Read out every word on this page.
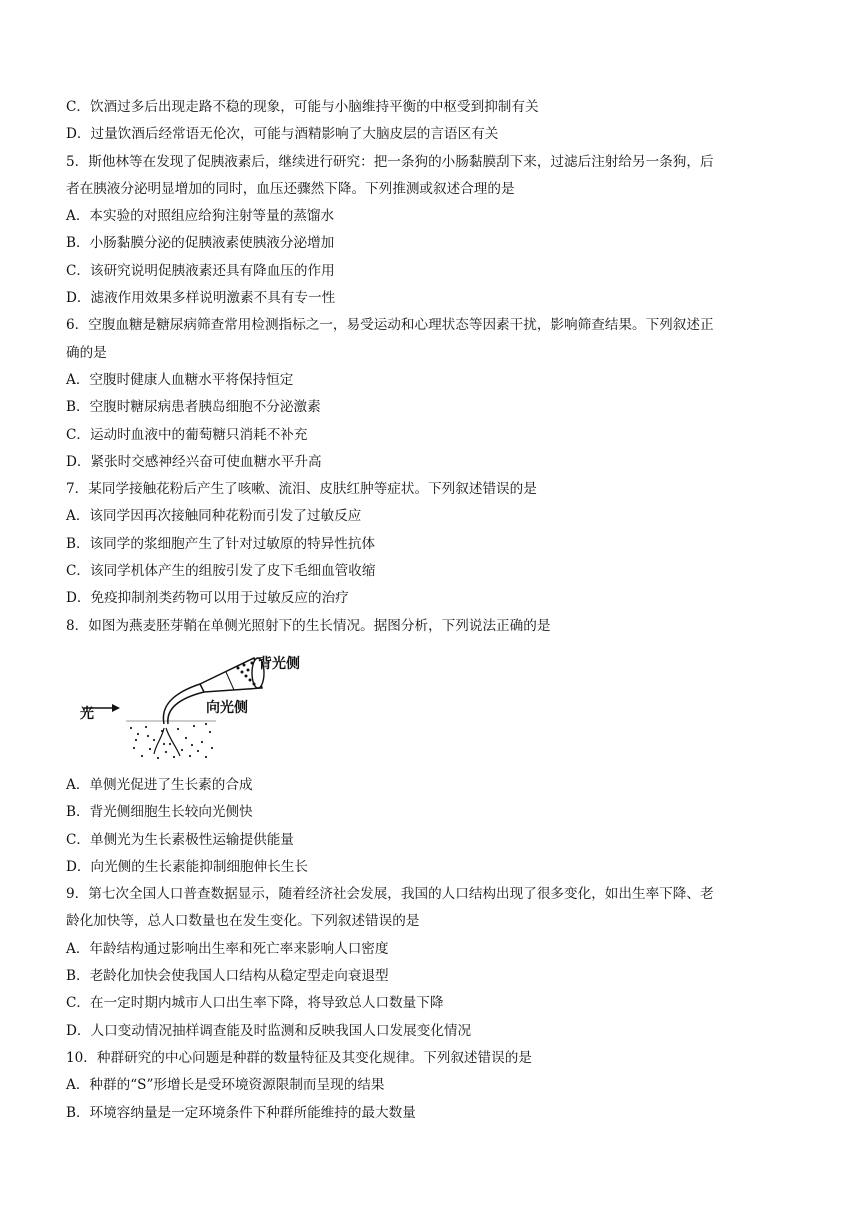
C．饮酒过多后出现走路不稳的现象，可能与小脑维持平衡的中枢受到抑制有关
D．过量饮酒后经常语无伦次，可能与酒精影响了大脑皮层的言语区有关
5．斯他林等在发现了促胰液素后，继续进行研究：把一条狗的小肠黏膜刮下来，过滤后注射给另一条狗，后
者在胰液分泌明显增加的同时，血压还骤然下降。下列推测或叙述合理的是
A．本实验的对照组应给狗注射等量的蒸馏水
B．小肠黏膜分泌的促胰液素使胰液分泌增加
C．该研究说明促胰液素还具有降血压的作用
D．滤液作用效果多样说明激素不具有专一性
6．空腹血糖是糖尿病筛查常用检测指标之一，易受运动和心理状态等因素干扰，影响筛查结果。下列叙述正
确的是
A．空腹时健康人血糖水平将保持恒定
B．空腹时糖尿病患者胰岛细胞不分泌激素
C．运动时血液中的葡萄糖只消耗不补充
D．紧张时交感神经兴奋可使血糖水平升高
7．某同学接触花粉后产生了咳嗽、流泪、皮肤红肿等症状。下列叙述错误的是
A．该同学因再次接触同种花粉而引发了过敏反应
B．该同学的浆细胞产生了针对过敏原的特异性抗体
C．该同学机体产生的组胺引发了皮下毛细血管收缩
D．免疫抑制剂类药物可以用于过敏反应的治疗
8．如图为燕麦胚芽鞘在单侧光照射下的生长情况。据图分析，下列说法正确的是
光
背光侧
向光侧
A．单侧光促进了生长素的合成
B．背光侧细胞生长较向光侧快
C．单侧光为生长素极性运输提供能量
D．向光侧的生长素能抑制细胞伸长生长
9．第七次全国人口普查数据显示，随着经济社会发展，我国的人口结构出现了很多变化，如出生率下降、老
龄化加快等，总人口数量也在发生变化。下列叙述错误的是
A．年龄结构通过影响出生率和死亡率来影响人口密度
B．老龄化加快会使我国人口结构从稳定型走向衰退型
C．在一定时期内城市人口出生率下降，将导致总人口数量下降
D．人口变动情况抽样调查能及时监测和反映我国人口发展变化情况
10．种群研究的中心问题是种群的数量特征及其变化规律。下列叙述错误的是
A．种群的“S”形增长是受环境资源限制而呈现的结果
B．环境容纳量是一定环境条件下种群所能维持的最大数量
